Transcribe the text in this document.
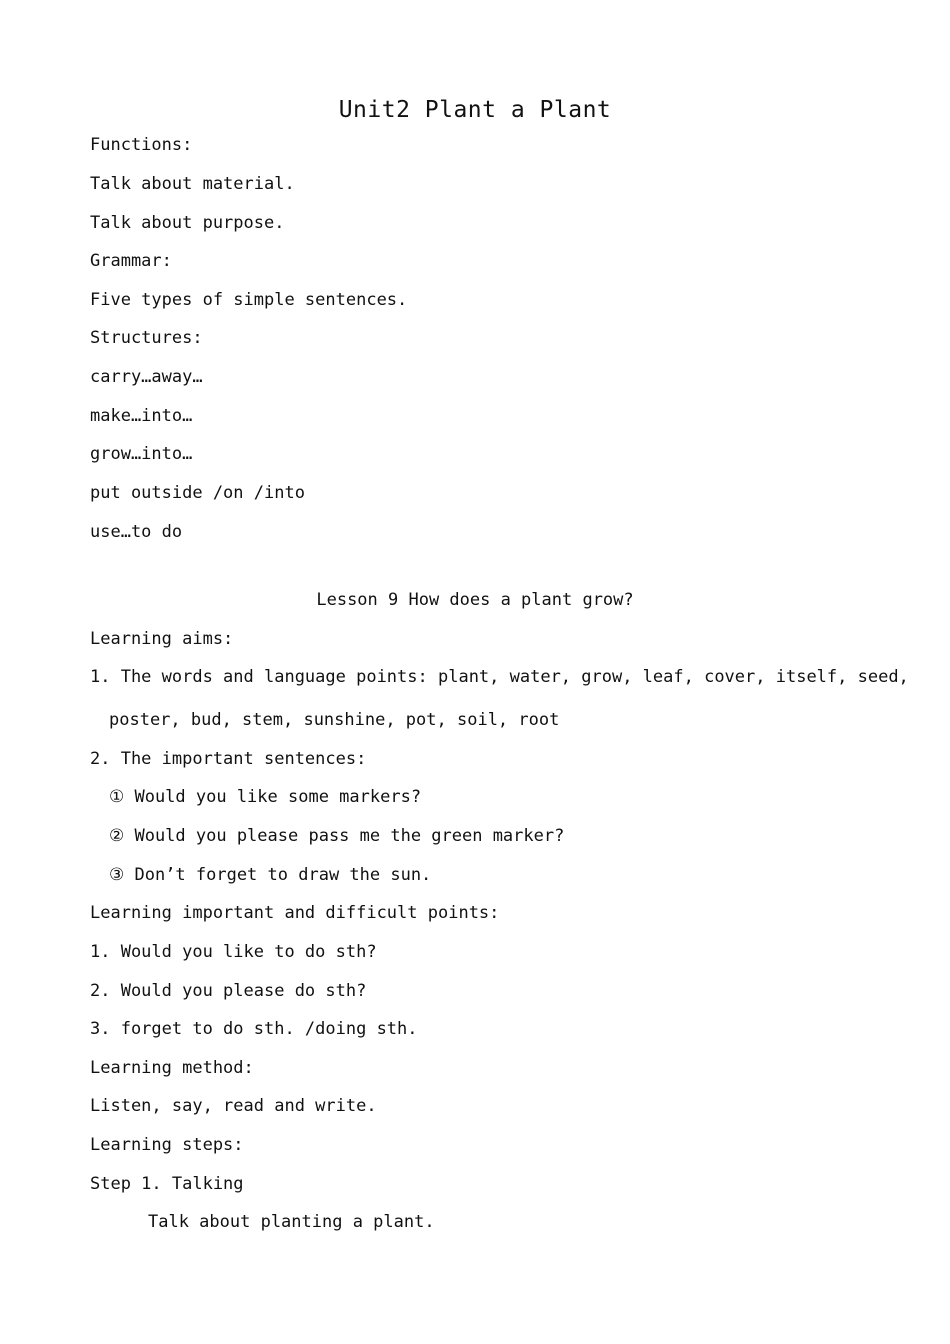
Unit2 Plant a Plant
Functions:
Talk about material.
Talk about purpose.
Grammar:
Five types of simple sentences.
Structures:
carry…away…
make…into…
grow…into…
put outside /on /into
use…to do
Lesson 9 How does a plant grow?
Learning aims:
1. The words and language points: plant, water, grow, leaf, cover, itself, seed,
poster, bud, stem, sunshine, pot, soil, root
2. The important sentences:
① Would you like some markers?
② Would you please pass me the green marker?
③ Don’t forget to draw the sun.
Learning important and difficult points:
1. Would you like to do sth?
2. Would you please do sth?
3. forget to do sth. /doing sth.
Learning method:
Listen, say, read and write.
Learning steps:
Step 1. Talking
Talk about planting a plant.
